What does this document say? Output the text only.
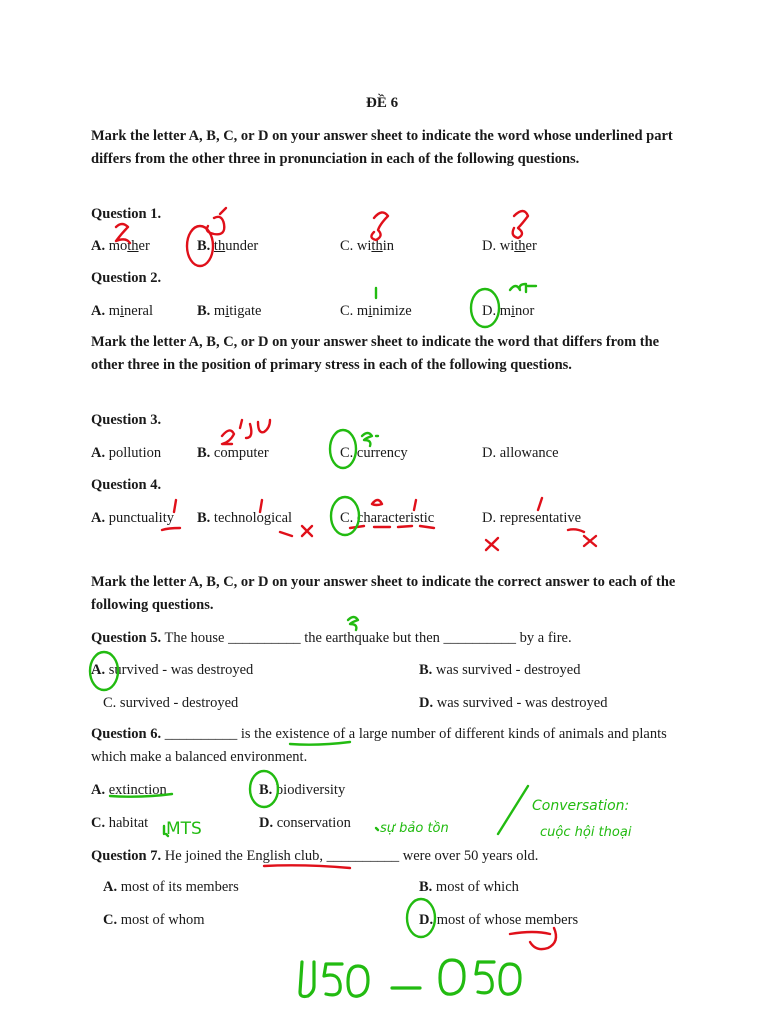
ĐỀ 6
Mark the letter A, B, C, or D on your answer sheet to indicate the word whose underlined part differs from the other three in pronunciation in each of the following questions.
Question 1.
A. mother	B. thunder	C. within	D. wither
Question 2.
A. mineral	B. mitigate	C. minimize	D. minor
Mark the letter A, B, C, or D on your answer sheet to indicate the word that differs from the other three in the position of primary stress in each of the following questions.
Question 3.
A. pollution B. computer	C. currency	D. allowance
Question 4.
A. punctuality B. technological	C. characteristic	D. representative
Mark the letter A, B, C, or D on your answer sheet to indicate the correct answer to each of the following questions.
Question 5. The house __________ the earthquake but then __________ by a fire.
A. survived - was destroyed	B. was survived - destroyed
C. survived - destroyed	D. was survived - was destroyed
Question 6. __________ is the existence of a large number of different kinds of animals and plants which make a balanced environment.
A. extinction	B. biodiversity
C. habitat	D. conservation
Question 7. He joined the English club, __________ were over 50 years old.
A. most of its members	B. most of which
C. most of whom	D. most of whose members
MTS	sự bảo tồn
Conversation:
cuộc hội thoại
